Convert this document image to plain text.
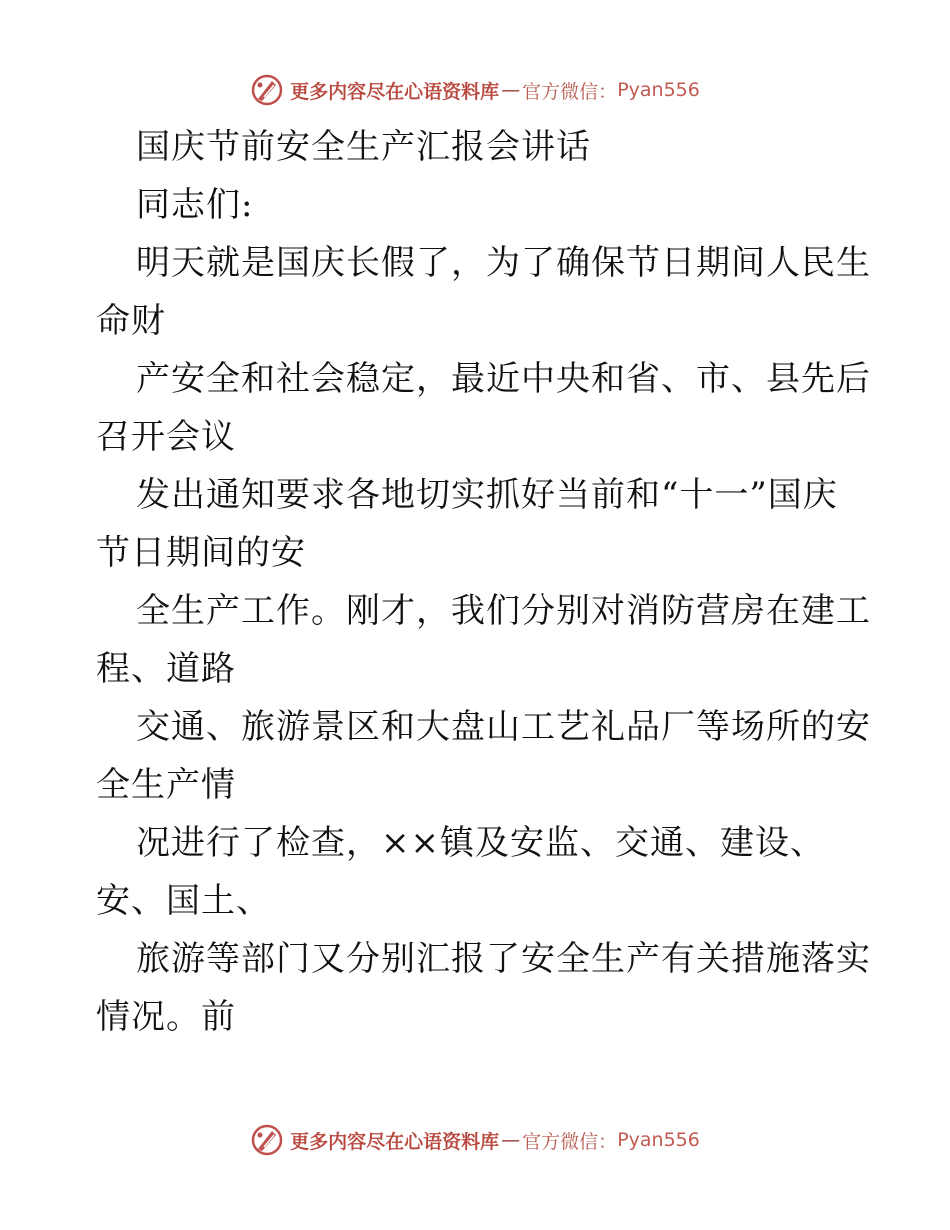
更多内容尽在心语资料库 — 官方微信： Pyan556
国庆节前安全生产汇报会讲话
同志们:
明天就是国庆长假了，为了确保节日期间人民生
命财
产安全和社会稳定，最近中央和省、市、县先后
召开会议
发出通知要求各地切实抓好当前和“十一”国庆
节日期间的安
全生产工作。刚才，我们分别对消防营房在建工
程、道路
交通、旅游景区和大盘山工艺礼品厂等场所的安
全生产情
况进行了检查，××镇及安监、交通、建设、
安、国土、
旅游等部门又分别汇报了安全生产有关措施落实
情况。前
更多内容尽在心语资料库 — 官方微信： Pyan556
